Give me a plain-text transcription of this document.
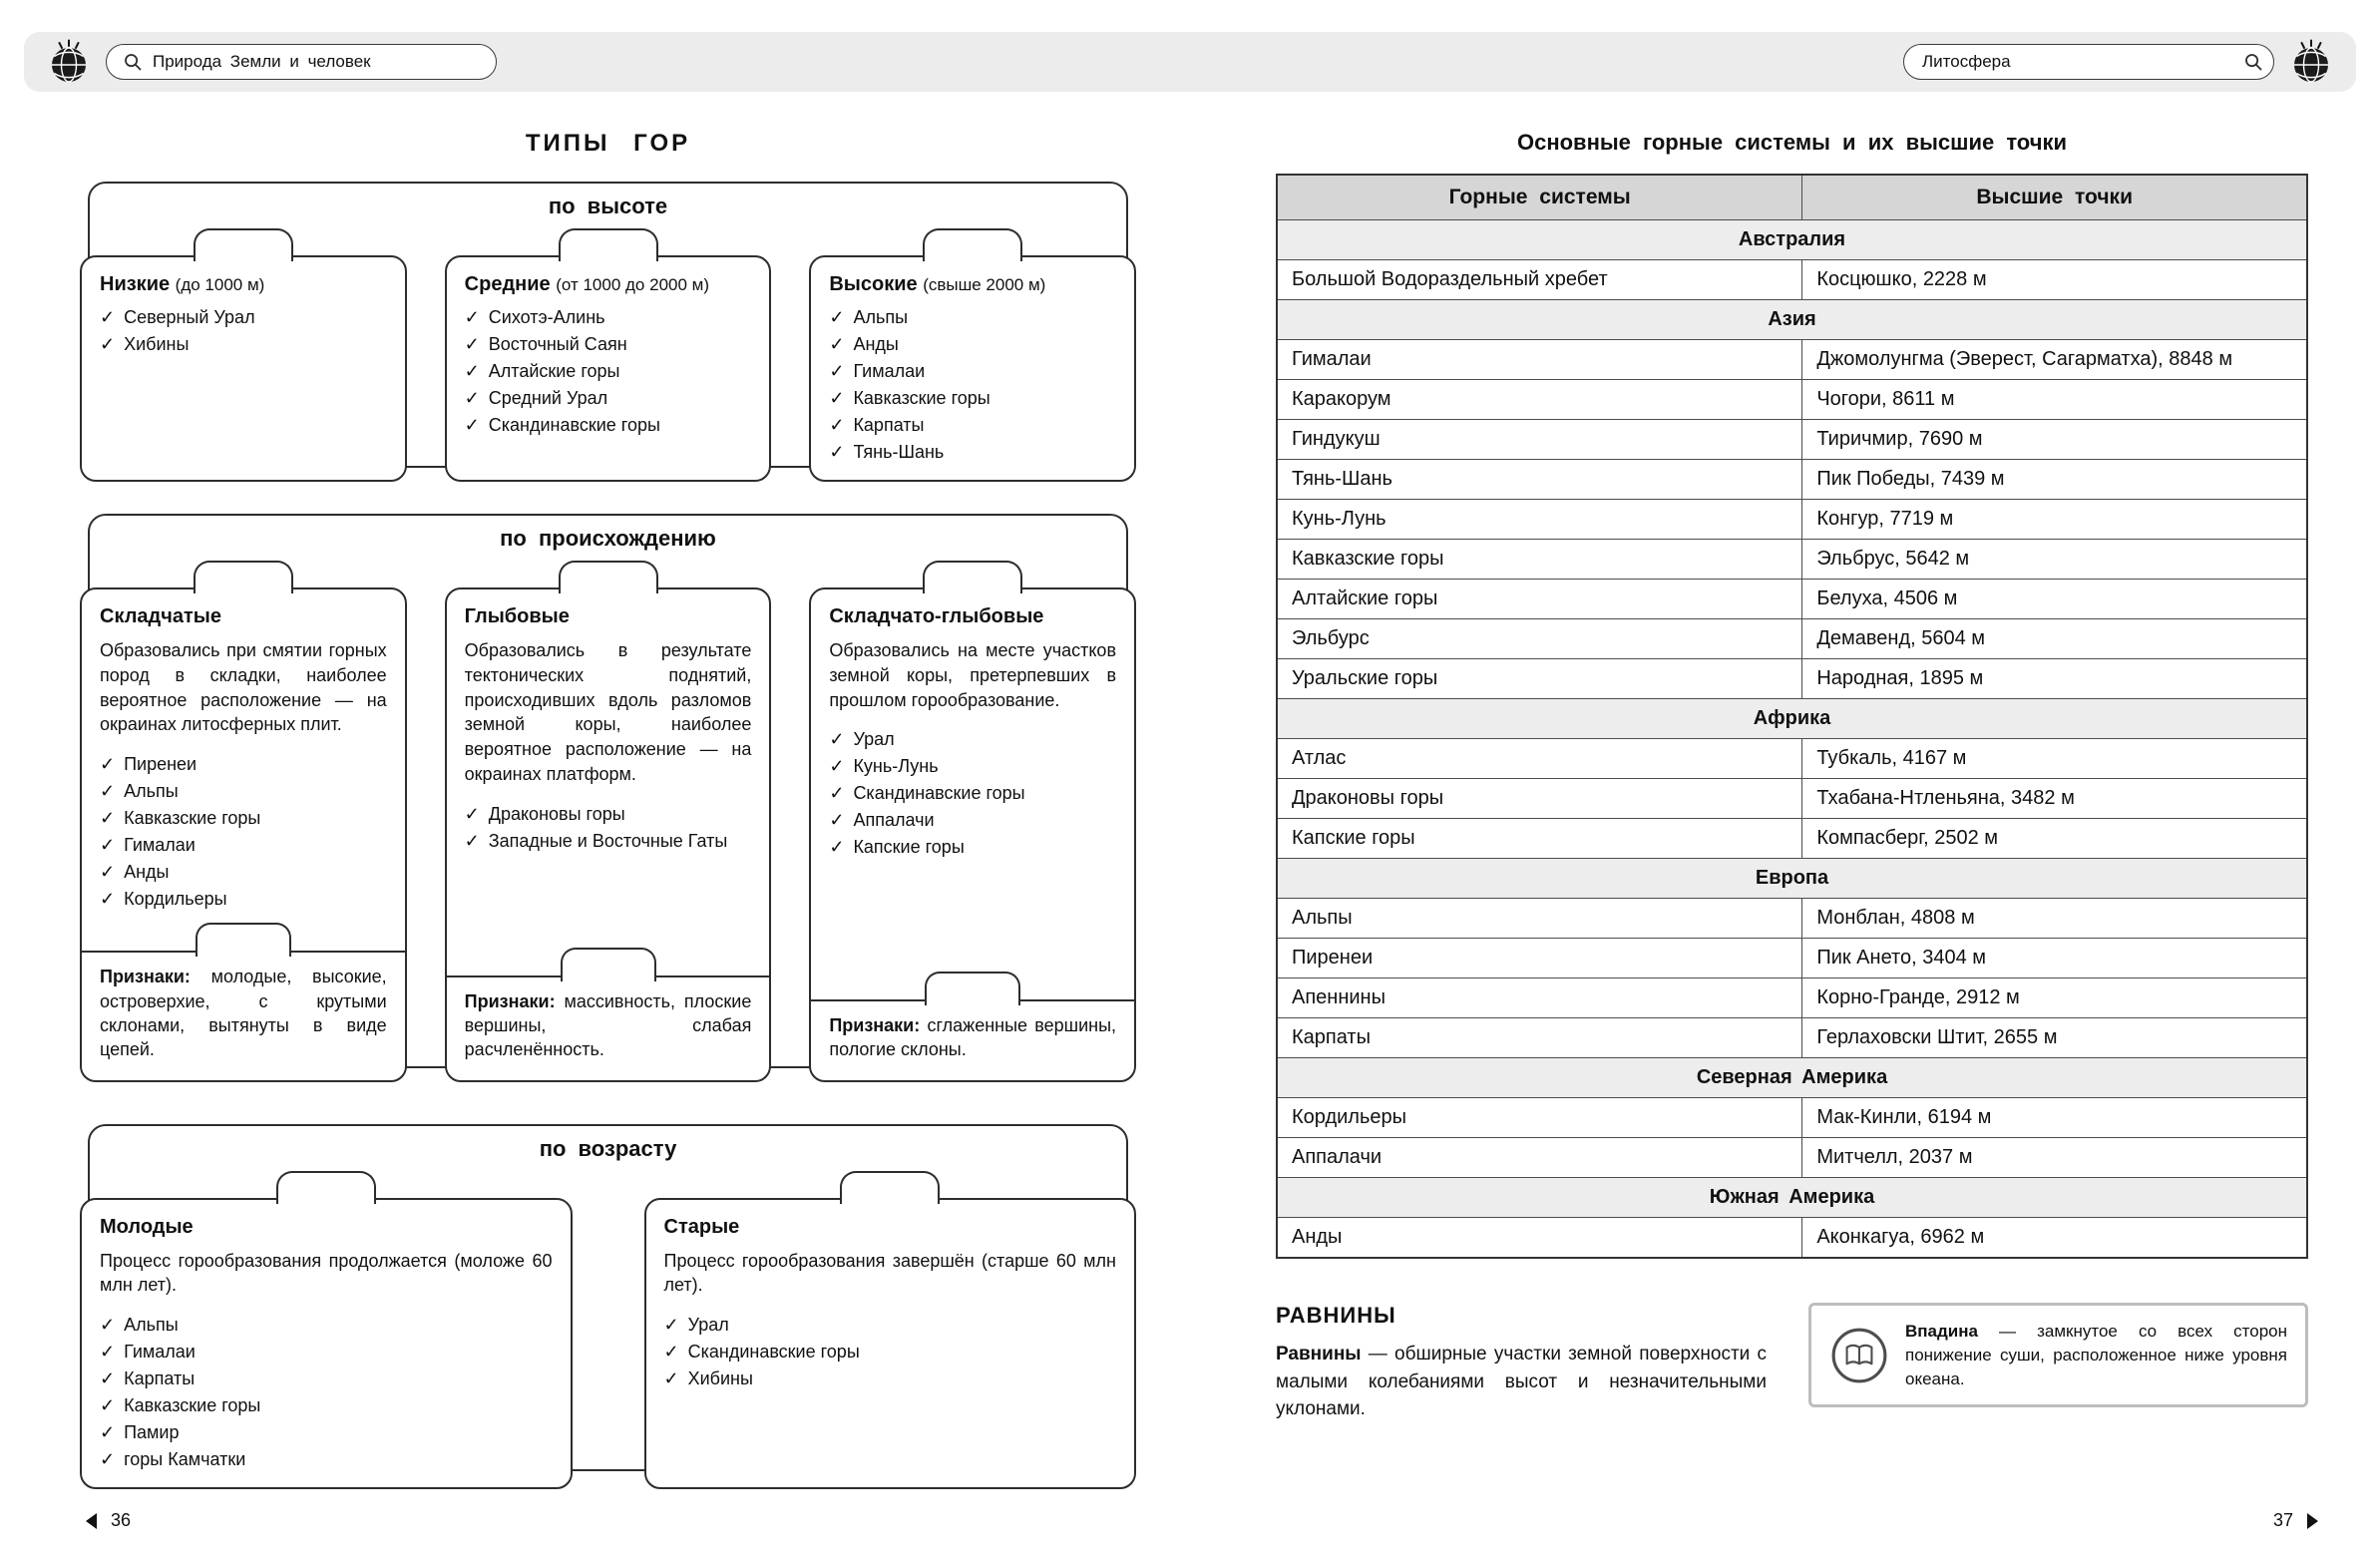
Природа Земли и человек	Литосфера
ТИПЫ ГОР
по высоте
Низкие (до 1000 м)
✓
Северный Урал
✓
Хибины
Средние (от 1000 до 2000 м)
✓
Сихотэ-Алинь
✓
Восточный Саян
✓
Алтайские горы
✓
Средний Урал
✓
Скандинавские горы
Высокие (свыше 2000 м)
✓
Альпы
✓
Анды
✓
Гималаи
✓
Кавказские горы
✓
Карпаты
✓
Тянь-Шань
по происхождению
Складчатые

Образовались при смятии горных пород в складки, наиболее вероятное расположение — на окраинах литосферных плит.

✓
Пиренеи
✓
Альпы
✓
Кавказские горы
✓
Гималаи
✓
Анды
✓
Кордильеры
Признаки: молодые, высокие, островерхие, с крутыми склонами, вытянуты в виде цепей.
Глыбовые

Образовались в результате тектонических поднятий, происходивших вдоль разломов земной коры, наиболее вероятное расположение — на окраинах платформ.

✓
Драконовы горы
✓
Западные и Восточные Гаты
Признаки: массивность, плоские вершины, слабая расчленённость.
Складчато-глыбовые

Образовались на месте участков земной коры, претерпевших в прошлом горообразование.

✓
Урал
✓
Кунь-Лунь
✓
Скандинавские горы
✓
Аппалачи
✓
Капские горы
Признаки: сглаженные вершины, пологие склоны.
по возрасту
Молодые

Процесс горообразования продолжается (моложе 60 млн лет).

✓
Альпы
✓
Гималаи
✓
Карпаты
✓
Кавказские горы
✓
Памир
✓
горы Камчатки
Старые

Процесс горообразования завершён (старше 60 млн лет).

✓
Урал
✓
Скандинавские горы
✓
Хибины
36
Основные горные системы и их высшие точки
Горные системы	Высшие точки
Австралия	
Большой Водораздельный хребет	Косцюшко, 2228 м
Азия	
Гималаи	Джомолунгма (Эверест, Сагарматха), 8848 м
Каракорум	Чогори, 8611 м
Гиндукуш	Тиричмир, 7690 м
Тянь-Шань	Пик Победы, 7439 м
Кунь-Лунь	Конгур, 7719 м
Кавказские горы	Эльбрус, 5642 м
Алтайские горы	Белуха, 4506 м
Эльбурс	Демавенд, 5604 м
Уральские горы	Народная, 1895 м
Африка	
Атлас	Тубкаль, 4167 м
Драконовы горы	Тхабана-Нтленьяна, 3482 м
Капские горы	Компасберг, 2502 м
Европа	
Альпы	Монблан, 4808 м
Пиренеи	Пик Ането, 3404 м
Апеннины	Корно-Гранде, 2912 м
Карпаты	Герлаховски Штит, 2655 м
Северная Америка	
Кордильеры	Мак-Кинли, 6194 м
Аппалачи	Митчелл, 2037 м
Южная Америка	
Анды	Аконкагуа, 6962 м
РАВНИНЫ

Равнины — обширные участки земной поверхности с малыми колебаниями высот и незначительными уклонами.

Впадина — замкнутое со всех сторон понижение суши, расположенное ниже уровня океана.

37
